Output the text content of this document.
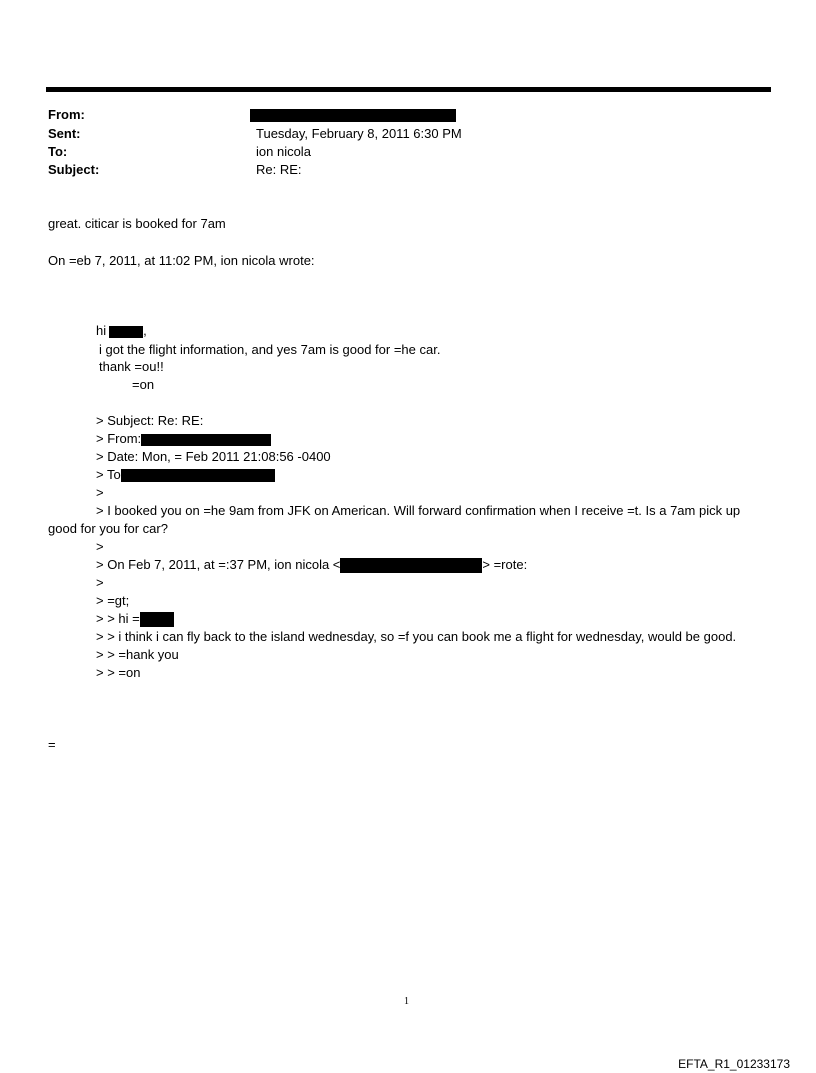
From:
Sent:	Tuesday, February 8, 2011 6:30 PM
To:	ion nicola
Subject:	Re: RE:
great. citicar is booked for 7am
On =eb 7, 2011, at 11:02 PM, ion nicola wrote:
hi	,
i got the flight information, and yes 7am is good for =he car.
thank =ou!!
=on
> Subject: Re: RE:
> From:
> Date: Mon, = Feb 2011 21:08:56 -0400
> To
>
> I booked you on =he 9am from JFK on American. Will forward confirmation when I receive =t. Is a 7am pick up
good for you for car?
>
> On Feb 7, 2011, at =:37 PM, ion nicola <	> =rote:
>
> =gt;
> > hi =
> > i think i can fly back to the island wednesday, so =f you can book me a flight for wednesday, would be good.
> > =hank you
> > =on
=
1
EFTA_R1_01233173
